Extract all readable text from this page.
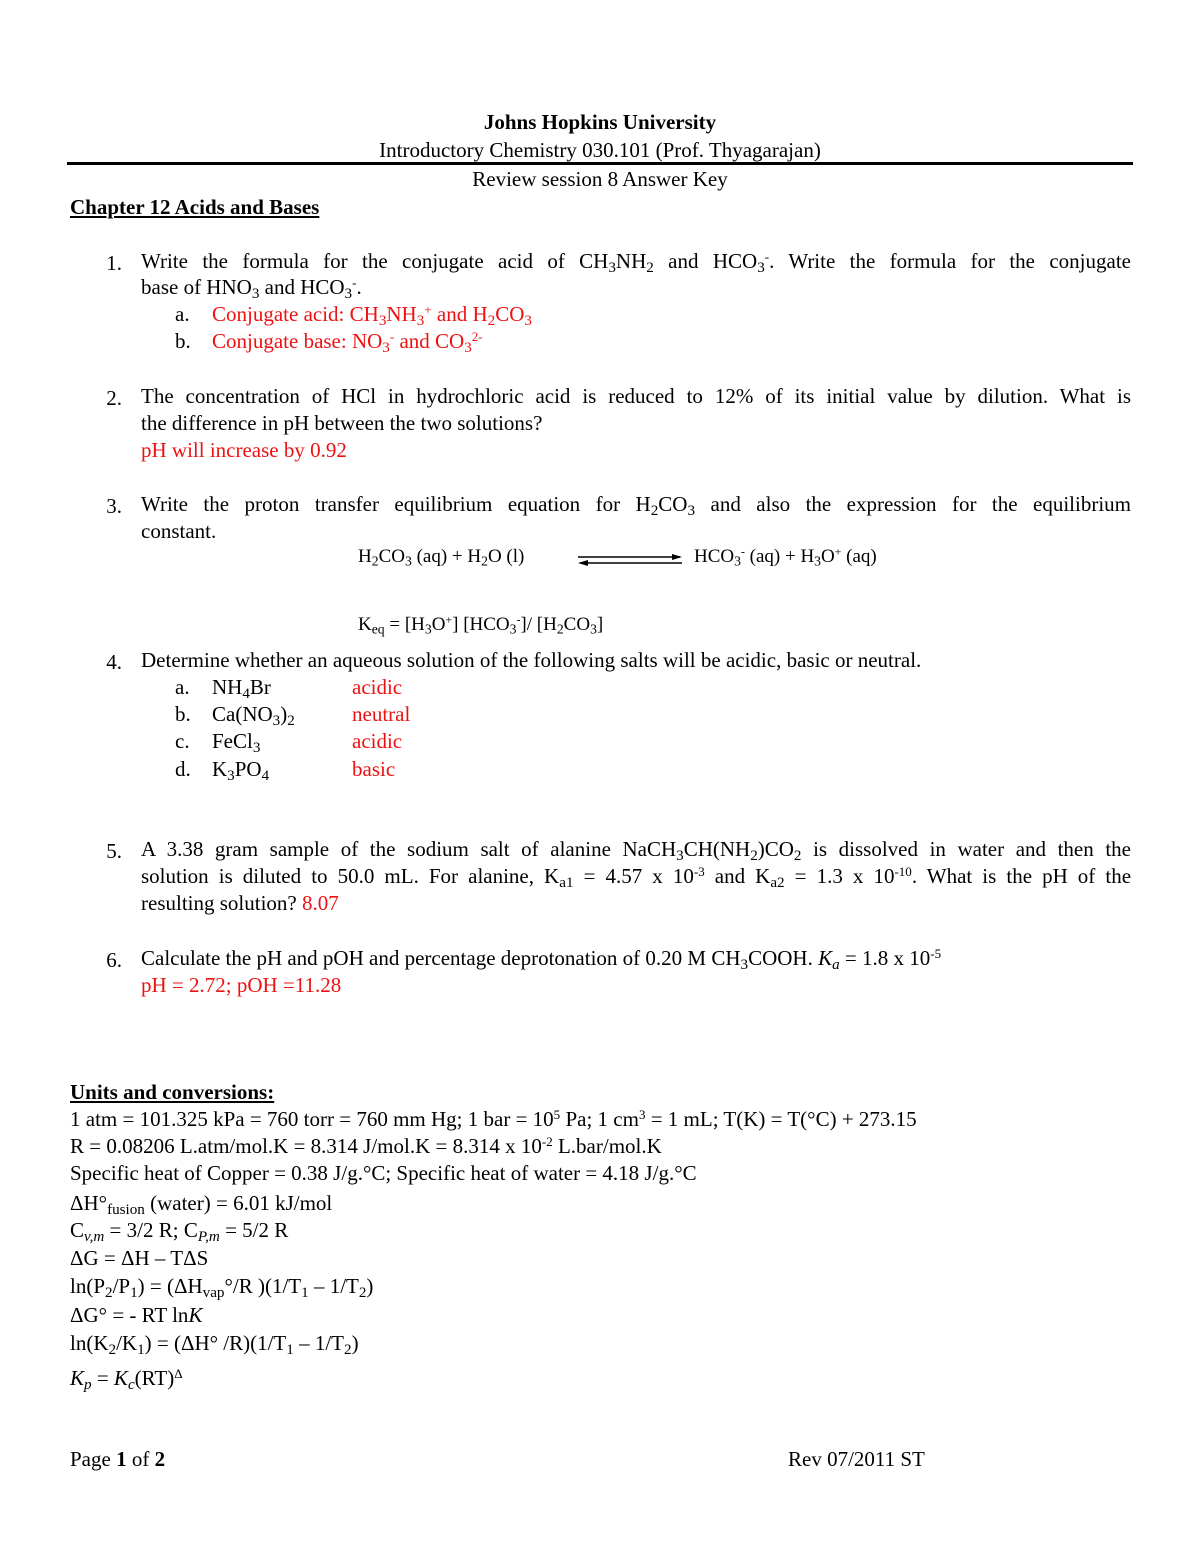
Johns Hopkins University
Introductory Chemistry 030.101 (Prof. Thyagarajan)
Review session 8 Answer Key
Chapter 12 Acids and Bases
1. Write the formula for the conjugate acid of $CH_3NH_2$ and $HCO_3^-$. Write the formula for the conjugate
base of $HNO_3$ and $HCO_3^-$.
a. Conjugate acid: $CH_3NH_3^+$ and $H_2CO_3$
b. Conjugate base: $NO_3^-$ and $CO_3^{2-}$
2. The concentration of HCl in hydrochloric acid is reduced to 12% of its initial value by dilution. What is
the difference in pH between the two solutions?
pH will increase by 0.92
3. Write the proton transfer equilibrium equation for $H_2CO_3$ and also the expression for the equilibrium
constant.
$H_2CO_3$ $(aq) + H_2O$ (l)	$HCO_3^-$ $(aq) + H_3O^+$ (aq)
$K_{eq} = [H_3O^+]$ $[HCO_3^-]/$ $[H_2CO_3]$
4. Determine whether an aqueous solution of the following salts will be acidic, basic or neutral.
a. $NH_4Br$	acidic
b. $Ca(NO_3)_2$	neutral
c. FeCl$_3$	acidic
d. $K_3PO_4$	basic
5. A 3.38 gram sample of the sodium salt of alanine $NaCH_3CH(NH_2)CO_2$ is dissolved in water and then the
solution is diluted to 50.0 mL. For alanine, $K_{a1} = 4.57$ x $10^{-3}$ and $K_{a2} = 1.3$ x $10^{-10}$. What is the pH of the
resulting solution? 8.07
6. Calculate the pH and pOH and percentage deprotonation of 0.20 M $CH_3COOH$. $K_a = 1.8$ x $10^{-5}$
pH = 2.72; pOH =11.28
Units and conversions:
1 atm = 101.325 kPa = 760 torr = 760 mm Hg; 1 bar = $10^5$ Pa; 1 $cm^3 = 1$ mL; T(K) = T(°C) + 273.15
R = 0.08206 L.atm/mol.K = 8.314 J/mol.K = 8.314 x $10^{-2}$ L.bar/mol.K
Specific heat of Copper = 0.38 J/g.°C; Specific heat of water = 4.18 J/g.°C
$\Delta H^\circ_{fusion}$ (water) = 6.01 kJ/mol
$C_{v,m} = 3/2$ R; $C_{P,m} = 5/2$ R
ΔG = ΔH – TΔS
$\ln(P_2/P_1) = (\Delta H_{vap}^\circ/R$ )$(1/T_1 - 1/T_2)$
ΔG° = - RT lnK
$\ln(K_2/K_1) = (\Delta H^\circ$ $/R)(1/T_1 - 1/T_2)$
$K_p = K_c(RT)^\Delta$
Page 1 of 2	Rev 07/2011 ST
